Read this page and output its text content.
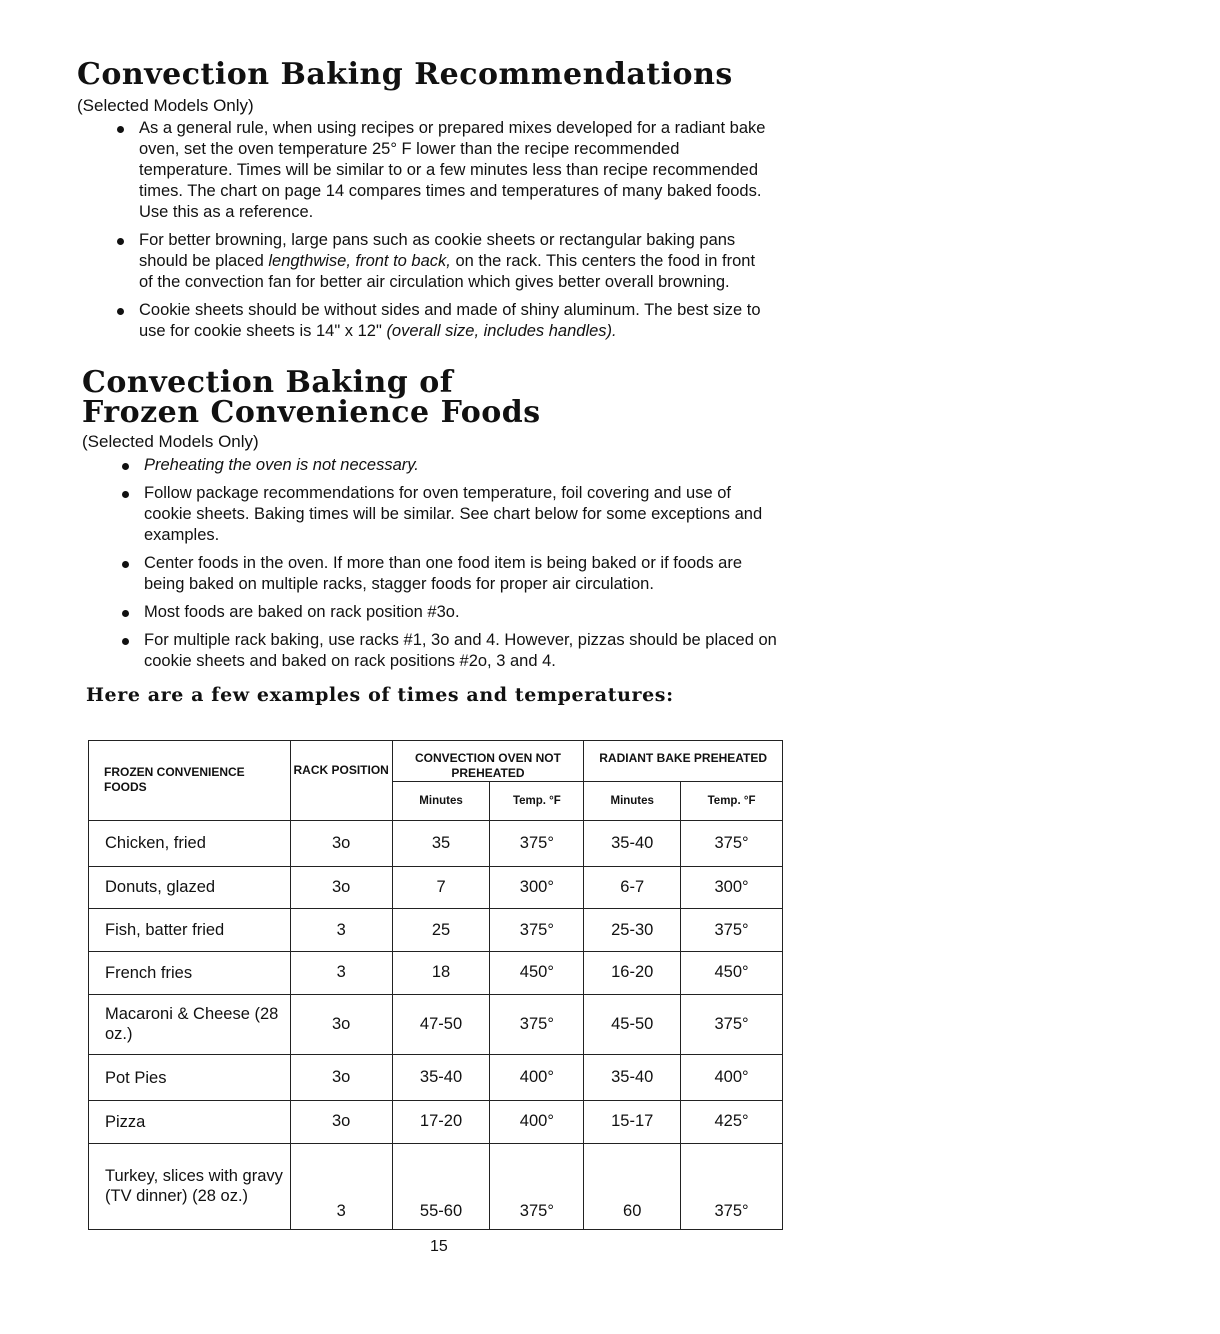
Convection Baking Recommendations

(Selected Models Only)

As a general rule, when using recipes or prepared mixes developed for a radiant bake oven, set the oven temperature 25° F lower than the recipe recommended temperature. Times will be similar to or a few minutes less than recipe recommended times. The chart on page 14 compares times and temperatures of many baked foods. Use this as a reference.
For better browning, large pans such as cookie sheets or rectangular baking pans should be placed lengthwise, front to back, on the rack. This centers the food in front of the convection fan for better air circulation which gives better overall browning.
Cookie sheets should be without sides and made of shiny aluminum. The best size to use for cookie sheets is 14" x 12" (overall size, includes handles).
Convection Baking of
Frozen Convenience Foods

(Selected Models Only)

Preheating the oven is not necessary.
Follow package recommendations for oven temperature, foil covering and use of cookie sheets. Baking times will be similar. See chart below for some exceptions and examples.
Center foods in the oven. If more than one food item is being baked or if foods are being baked on multiple racks, stagger foods for proper air circulation.
Most foods are baked on rack position #3o.
For multiple rack baking, use racks #1, 3o and 4. However, pizzas should be placed on cookie sheets and baked on rack positions #2o, 3 and 4.
Here are a few examples of times and temperatures:
FROZEN CONVENIENCE FOODS	RACK POSITION	CONVECTION OVEN NOT PREHEATED		RADIANT BAKE PREHEATED	
		Minutes	Temp. °F	Minutes	Temp. °F
Chicken, fried	3o	35	375°	35-40	375°
Donuts, glazed	3o	7	300°	6-7	300°
Fish, batter fried	3	25	375°	25-30	375°
French fries	3	18	450°	16-20	450°
Macaroni & Cheese (28 oz.)	3o	47-50	375°	45-50	375°
Pot Pies	3o	35-40	400°	35-40	400°
Pizza	3o	17-20	400°	15-17	425°
Turkey, slices with gravy (TV dinner) (28 oz.)	3	55-60	375°	60	375°
15
